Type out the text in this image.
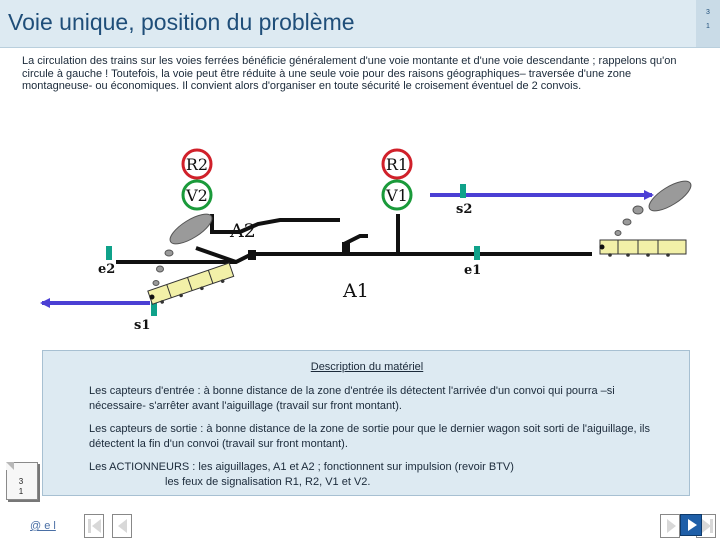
Voie unique, position du problème	3
1
La circulation des trains sur les voies ferrées bénéficie généralement d'une voie montante et d'une voie descendante ; rappelons qu'on circule à gauche ! Toutefois, la voie peut être réduite à une seule voie pour des raisons géographiques– traversée d'une zone montagneuse- ou économiques. Il convient alors d'organiser en toute sécurité le croisement éventuel de 2 convois.
R2
V2
R1
V1
A2
A1
s2
e2	e1
s1
Description du matériel
Les capteurs d'entrée : à bonne distance de la zone d'entrée ils détectent l'arrivée d'un convoi qui pourra –si nécessaire- s'arrêter avant l'aiguillage (travail sur front montant).
Les capteurs de sortie : à bonne distance de la zone de sortie pour que le dernier wagon soit sorti de l'aiguillage, ils détectent la fin d'un convoi (travail sur front montant).
Les ACTIONNEURS : les aiguillages, A1 et A2 ; fonctionnent sur impulsion (revoir BTV)
les feux de signalisation R1, R2, V1 et V2.
3
1
@ e l
